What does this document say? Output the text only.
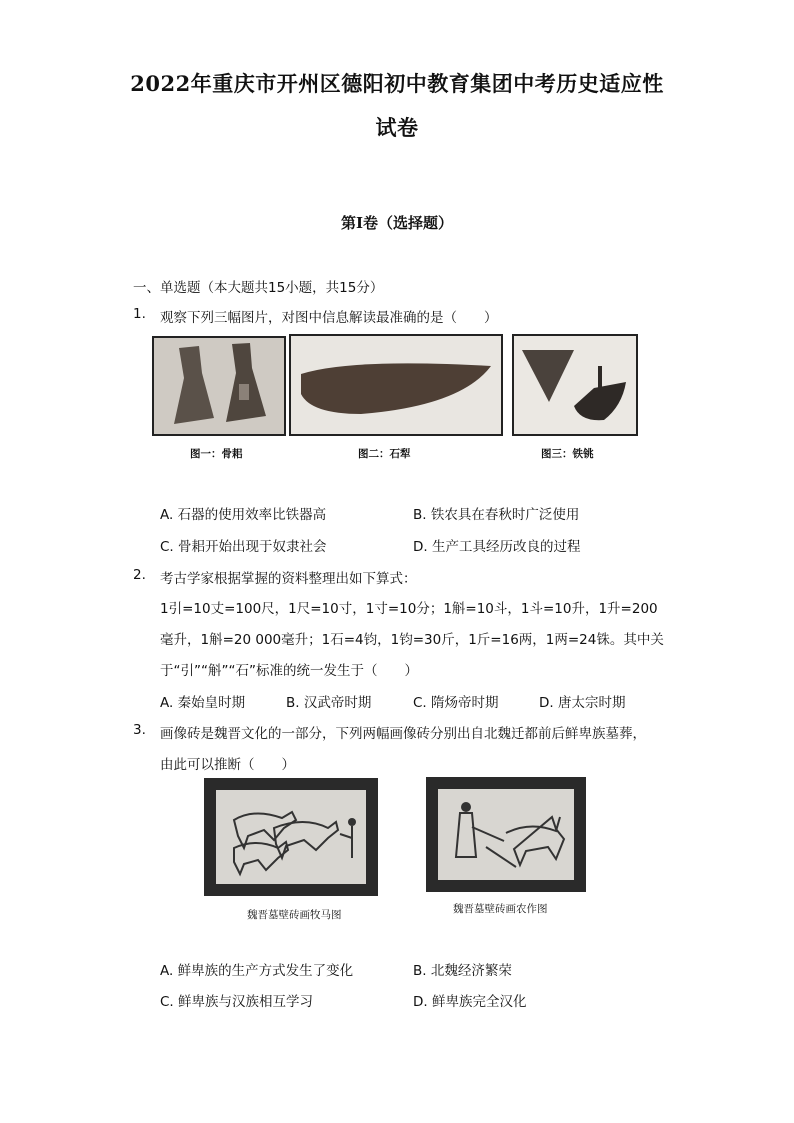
2022年重庆市开州区德阳初中教育集团中考历史适应性
试卷
第I卷（选择题）
一、单选题（本大题共15小题，共15分）
1. 观察下列三幅图片，对图中信息解读最准确的是（　　）
图一：骨耜	图二：石犁	图三：铁铫
A. 石器的使用效率比铁器高	B. 铁农具在春秋时广泛使用
C. 骨耜开始出现于奴隶社会	D. 生产工具经历改良的过程
2. 考古学家根据掌握的资料整理出如下算式：
1引=10丈=100尺，1尺=10寸，1寸=10分；1斛=10斗，1斗=10升，1升=200
毫升，1斛=20 000毫升；1石=4钧，1钧=30斤，1斤=16两，1两=24铢。其中关
于“引”“斛”“石”标准的统一发生于（　　）
A. 秦始皇时期	B. 汉武帝时期	C. 隋炀帝时期	D. 唐太宗时期
3. 画像砖是魏晋文化的一部分，下列两幅画像砖分别出自北魏迁都前后鲜卑族墓葬，
由此可以推断（　　）
魏晋墓壁砖画牧马图	魏晋墓壁砖画农作图
A. 鲜卑族的生产方式发生了变化	B. 北魏经济繁荣
C. 鲜卑族与汉族相互学习	D. 鲜卑族完全汉化
